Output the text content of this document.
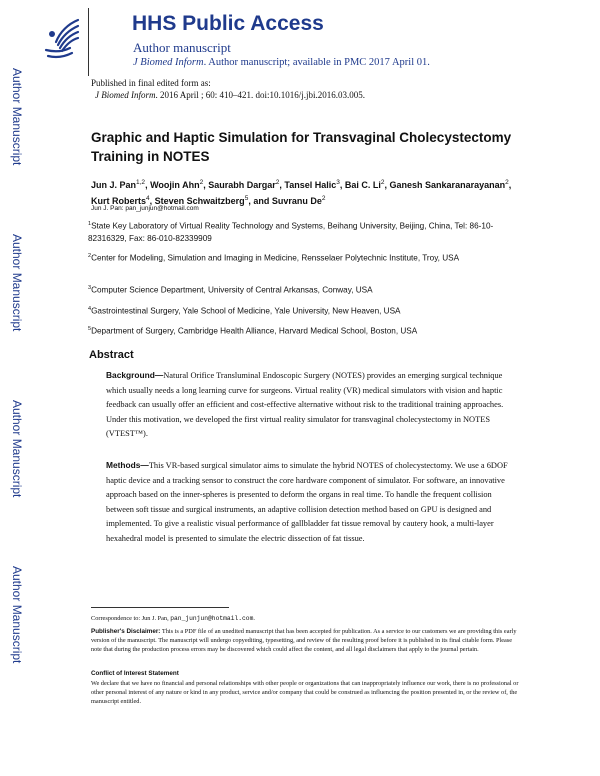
Author Manuscript
Author Manuscript
Author Manuscript
Author Manuscript
HHS Public Access
Author manuscript
J Biomed Inform. Author manuscript; available in PMC 2017 April 01.
Published in final edited form as:
J Biomed Inform. 2016 April ; 60: 410–421. doi:10.1016/j.jbi.2016.03.005.
Graphic and Haptic Simulation for Transvaginal Cholecystectomy Training in NOTES
Jun J. Pan$^{1,2}$, Woojin Ahn$^2$, Saurabh Dargar$^2$, Tansel Halic$^3$, Bai C. Li$^2$, Ganesh Sankaranarayanan$^2$, Kurt Roberts$^4$, Steven Schwaitzberg$^5$, and Suvranu De$^2$
Jun J. Pan: pan_junjun@hotmail.com
$^1$State Key Laboratory of Virtual Reality Technology and Systems, Beihang University, Beijing, China, Tel: 86-10-82316329, Fax: 86-010-82339909
$^2$Center for Modeling, Simulation and Imaging in Medicine, Rensselaer Polytechnic Institute, Troy, USA
$^3$Computer Science Department, University of Central Arkansas, Conway, USA
$^4$Gastrointestinal Surgery, Yale School of Medicine, Yale University, New Heaven, USA
$^5$Department of Surgery, Cambridge Health Alliance, Harvard Medical School, Boston, USA
Abstract
Background—Natural Orifice Transluminal Endoscopic Surgery (NOTES) provides an emerging surgical technique which usually needs a long learning curve for surgeons. Virtual reality (VR) medical simulators with vision and haptic feedback can usually offer an efficient and cost-effective alternative without risk to the traditional training approaches. Under this motivation, we developed the first virtual reality simulator for transvaginal cholecystectomy in NOTES (VTEST™).
Methods—This VR-based surgical simulator aims to simulate the hybrid NOTES of cholecystectomy. We use a 6DOF haptic device and a tracking sensor to construct the core hardware component of simulator. For software, an innovative approach based on the inner-spheres is presented to deform the organs in real time. To handle the frequent collision between soft tissue and surgical instruments, an adaptive collision detection method based on GPU is designed and implemented. To give a realistic visual performance of gallbladder fat tissue removal by cautery hook, a multi-layer hexahedral model is presented to simulate the electric dissection of fat tissue.
Correspondence to: Jun J. Pan, pan_junjun@hotmail.com.
Publisher's Disclaimer: This is a PDF file of an unedited manuscript that has been accepted for publication. As a service to our customers we are providing this early version of the manuscript. The manuscript will undergo copyediting, typesetting, and review of the resulting proof before it is published in its final citable form. Please note that during the production process errors may be discovered which could affect the content, and all legal disclaimers that apply to the journal pertain.
Conflict of Interest Statement
We declare that we have no financial and personal relationships with other people or organizations that can inappropriately influence our work, there is no professional or other personal interest of any nature or kind in any product, service and/or company that could be construed as influencing the position presented in, or the review of, the manuscript entitled.
